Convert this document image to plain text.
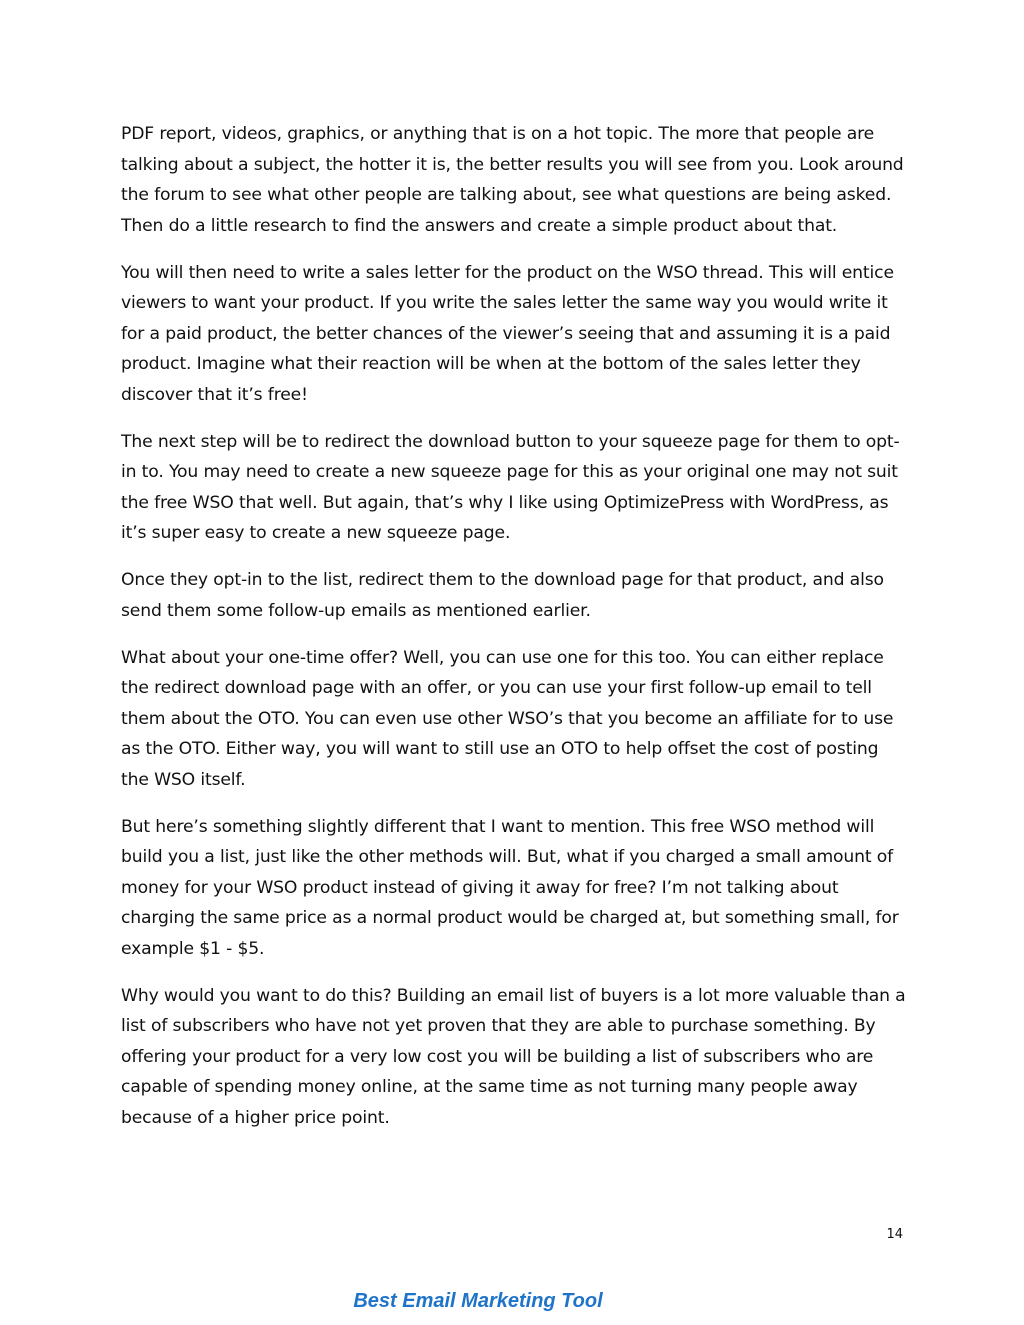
PDF report, videos, graphics, or anything that is on a hot topic. The more that people are talking about a subject, the hotter it is, the better results you will see from you. Look around the forum to see what other people are talking about, see what questions are being asked. Then do a little research to find the answers and create a simple product about that.

You will then need to write a sales letter for the product on the WSO thread. This will entice viewers to want your product. If you write the sales letter the same way you would write it for a paid product, the better chances of the viewer’s seeing that and assuming it is a paid product. Imagine what their reaction will be when at the bottom of the sales letter they discover that it’s free!

The next step will be to redirect the download button to your squeeze page for them to opt-in to. You may need to create a new squeeze page for this as your original one may not suit the free WSO that well. But again, that’s why I like using OptimizePress with WordPress, as it’s super easy to create a new squeeze page.

Once they opt-in to the list, redirect them to the download page for that product, and also send them some follow-up emails as mentioned earlier.

What about your one-time offer? Well, you can use one for this too. You can either replace the redirect download page with an offer, or you can use your first follow-up email to tell them about the OTO. You can even use other WSO’s that you become an affiliate for to use as the OTO. Either way, you will want to still use an OTO to help offset the cost of posting the WSO itself.

But here’s something slightly different that I want to mention. This free WSO method will build you a list, just like the other methods will. But, what if you charged a small amount of money for your WSO product instead of giving it away for free? I’m not talking about charging the same price as a normal product would be charged at, but something small, for example $1 - $5.

Why would you want to do this? Building an email list of buyers is a lot more valuable than a list of subscribers who have not yet proven that they are able to purchase something. By offering your product for a very low cost you will be building a list of subscribers who are capable of spending money online, at the same time as not turning many people away because of a higher price point.

14
Best Email Marketing Tool
